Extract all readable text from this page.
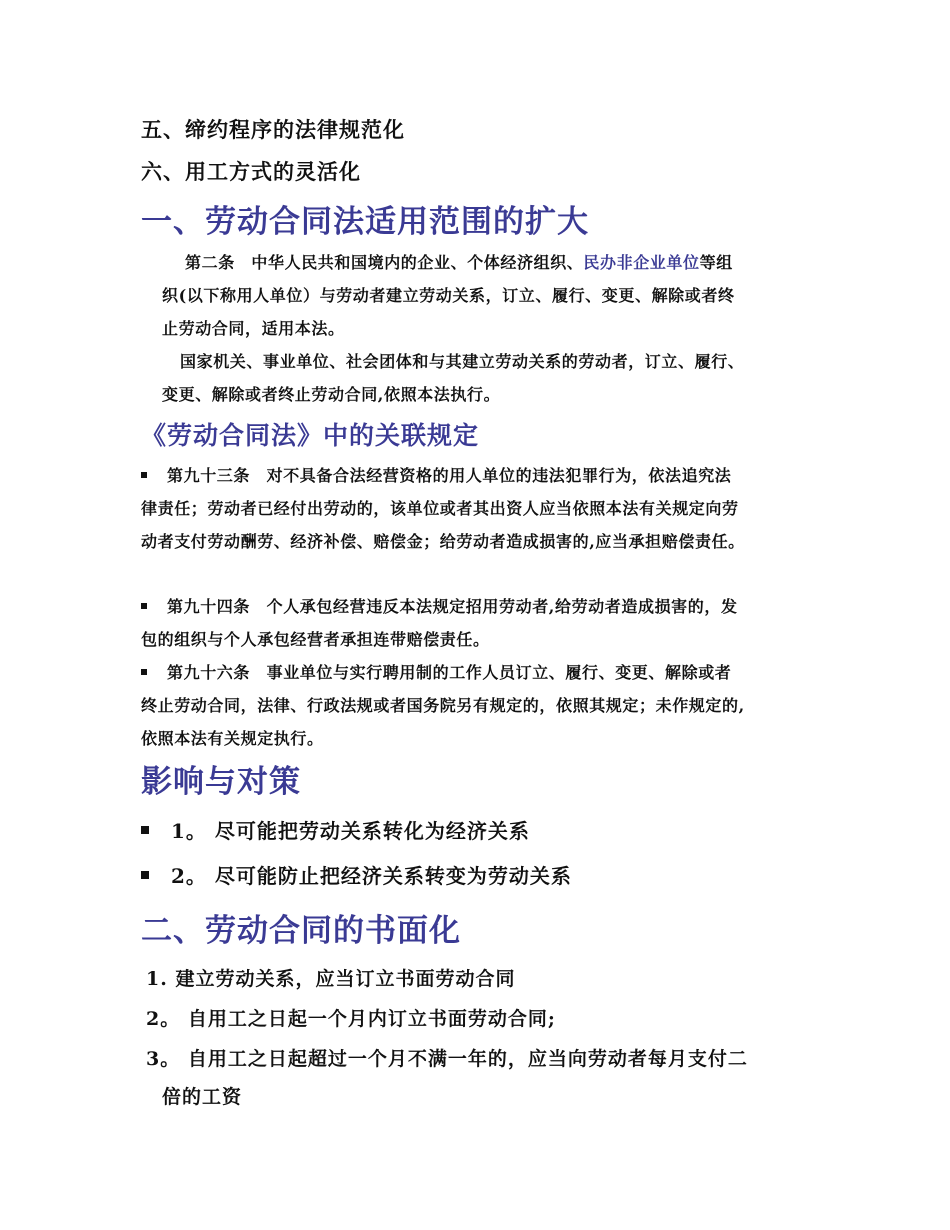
五、缔约程序的法律规范化
六、用工方式的灵活化
一、劳动合同法适用范围的扩大
第二条　中华人民共和国境内的企业、个体经济组织、民办非企业单位等组
织(以下称用人单位）与劳动者建立劳动关系，订立、履行、变更、解除或者终
止劳动合同，适用本法。
国家机关、事业单位、社会团体和与其建立劳动关系的劳动者，订立、履行、
变更、解除或者终止劳动合同,依照本法执行。
《劳动合同法》中的关联规定
第九十三条　对不具备合法经营资格的用人单位的违法犯罪行为，依法追究法
律责任；劳动者已经付出劳动的，该单位或者其出资人应当依照本法有关规定向劳
动者支付劳动酬劳、经济补偿、赔偿金；给劳动者造成损害的,应当承担赔偿责任。
第九十四条　个人承包经营违反本法规定招用劳动者,给劳动者造成损害的，发
包的组织与个人承包经营者承担连带赔偿责任。
第九十六条　事业单位与实行聘用制的工作人员订立、履行、变更、解除或者
终止劳动合同，法律、行政法规或者国务院另有规定的，依照其规定；未作规定的,
依照本法有关规定执行。
影响与对策
1。 尽可能把劳动关系转化为经济关系
2。 尽可能防止把经济关系转变为劳动关系
二、劳动合同的书面化
1. 建立劳动关系，应当订立书面劳动合同
2。 自用工之日起一个月内订立书面劳动合同;
3。 自用工之日起超过一个月不满一年的，应当向劳动者每月支付二
倍的工资
